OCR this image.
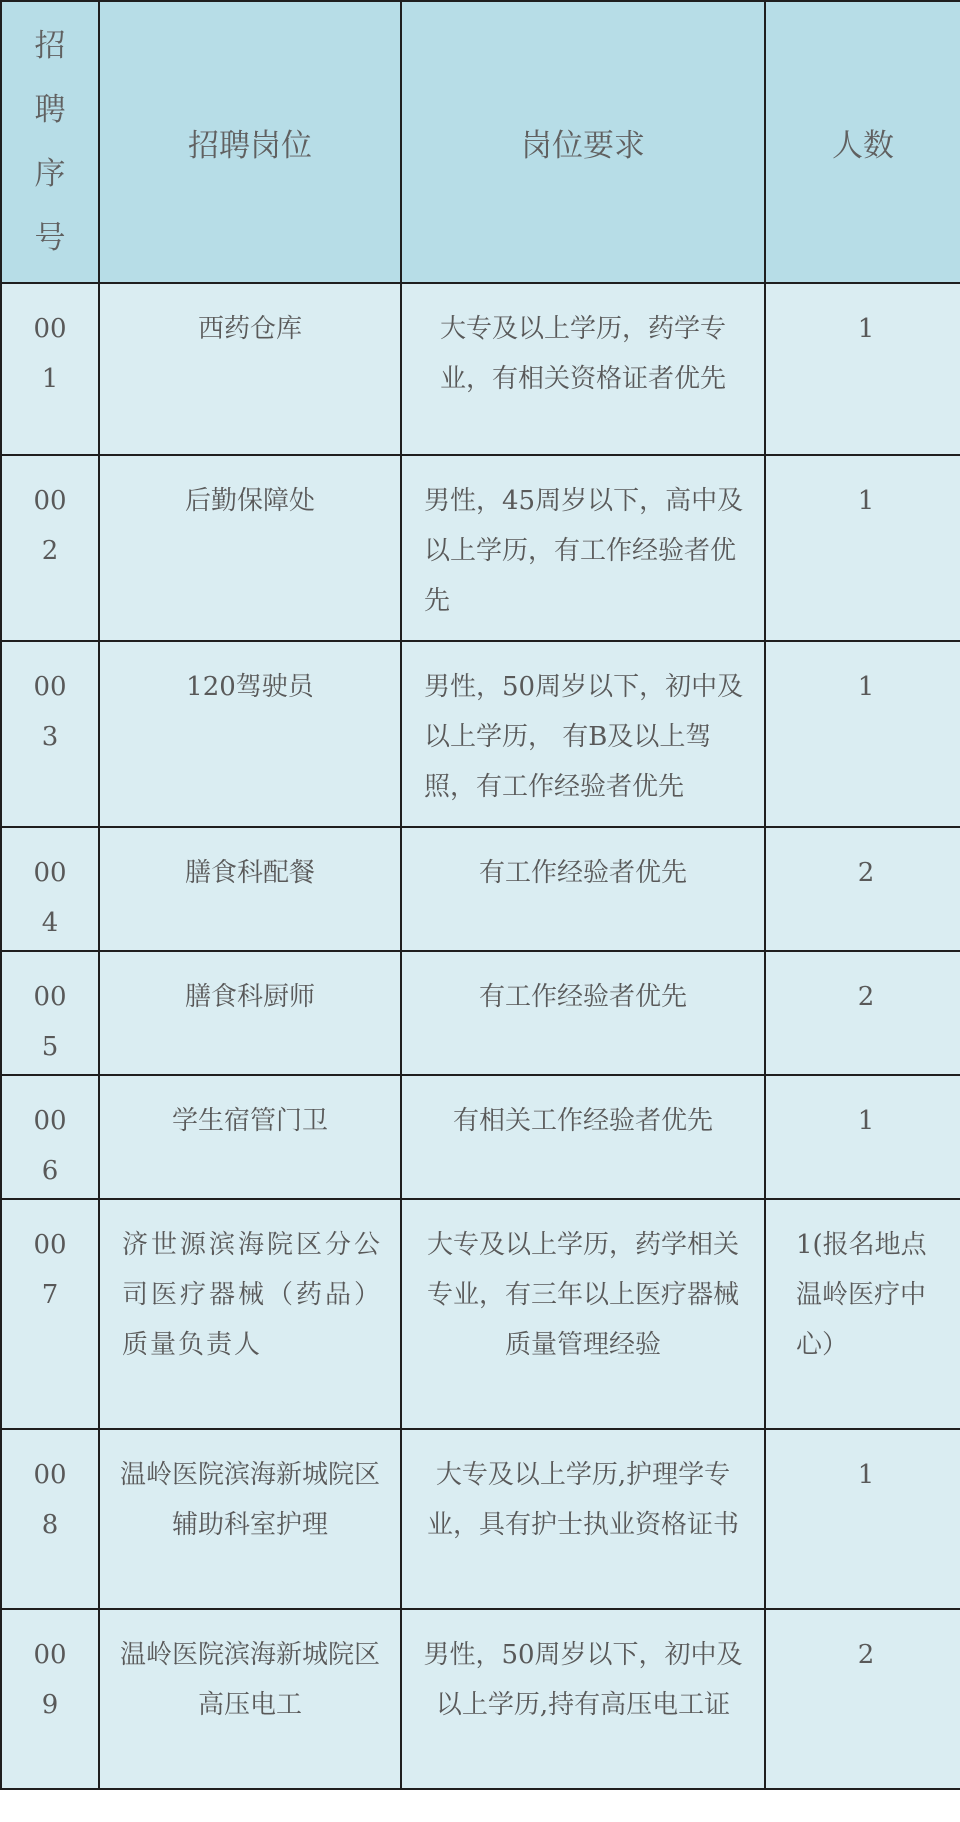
招聘序号	招聘岗位	岗位要求	人数

001	西药仓库	大专及以上学历，药学专业，有相关资格证者优先	1

002	后勤保障处	男性，45周岁以下，高中及以上学历，有工作经验者优先	1

003	120驾驶员	男性，50周岁以下，初中及以上学历， 有B及以上驾照，有工作经验者优先	1

004	膳食科配餐	有工作经验者优先	2

005	膳食科厨师	有工作经验者优先	2

006	学生宿管门卫	有相关工作经验者优先	1

007	济世源滨海院区分公司医疗器械（药品）质量负责人	大专及以上学历，药学相关专业，有三年以上医疗器械质量管理经验	1(报名地点温岭医疗中心）

008	温岭医院滨海新城院区辅助科室护理	大专及以上学历,护理学专业，具有护士执业资格证书	1

009	温岭医院滨海新城院区高压电工	男性，50周岁以下，初中及以上学历,持有高压电工证	2
